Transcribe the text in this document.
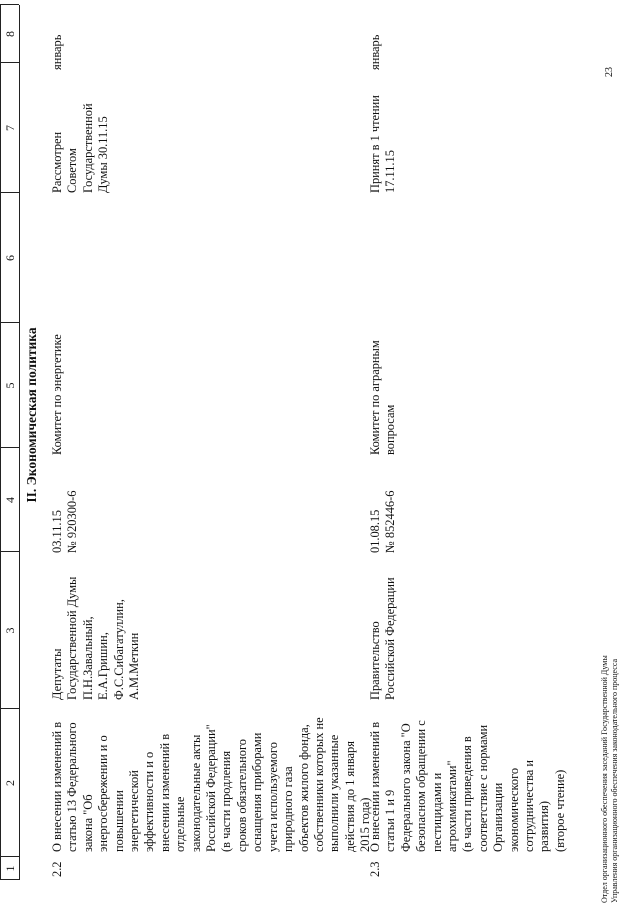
1
2
3
4
5
6
7
8
II. Экономическая политика
2.2
О внесении изменений в
статью 13 Федерального
закона "Об
энергосбережении и о
повышении
энергетической
эффективности и о
внесении изменений в
отдельные
законодательные акты
Российской Федерации"
(в части продления
сроков обязательного
оснащения приборами
учета используемого
природного газа
объектов жилого фонда,
собственники которых не
выполнили указанные
действия до 1 января
2015 года)
Депутаты
Государственной Думы
П.Н.Завальный,
Е.А.Гришин,
Ф.С.Сибагатуллин,
А.М.Меткин
03.11.15
№ 920300-6
Комитет по энергетике
Рассмотрен
Советом
Государственной
Думы 30.11.15
январь
2.3
О внесении изменений в
статьи 1 и 9
Федерального закона "О
безопасном обращении с
пестицидами и
агрохимикатами"
(в части приведения в
соответствие с нормами
Организации
экономического
сотрудничества и
развития)
(второе чтение)
Правительство
Российской Федерации
01.08.15
№ 852446-6
Комитет по аграрным
вопросам
Принят в 1 чтении
17.11.15
январь
Отдел организационного обеспечения заседаний Государственной Думы
Управления организационного обеспечения законодательного процесса
23
